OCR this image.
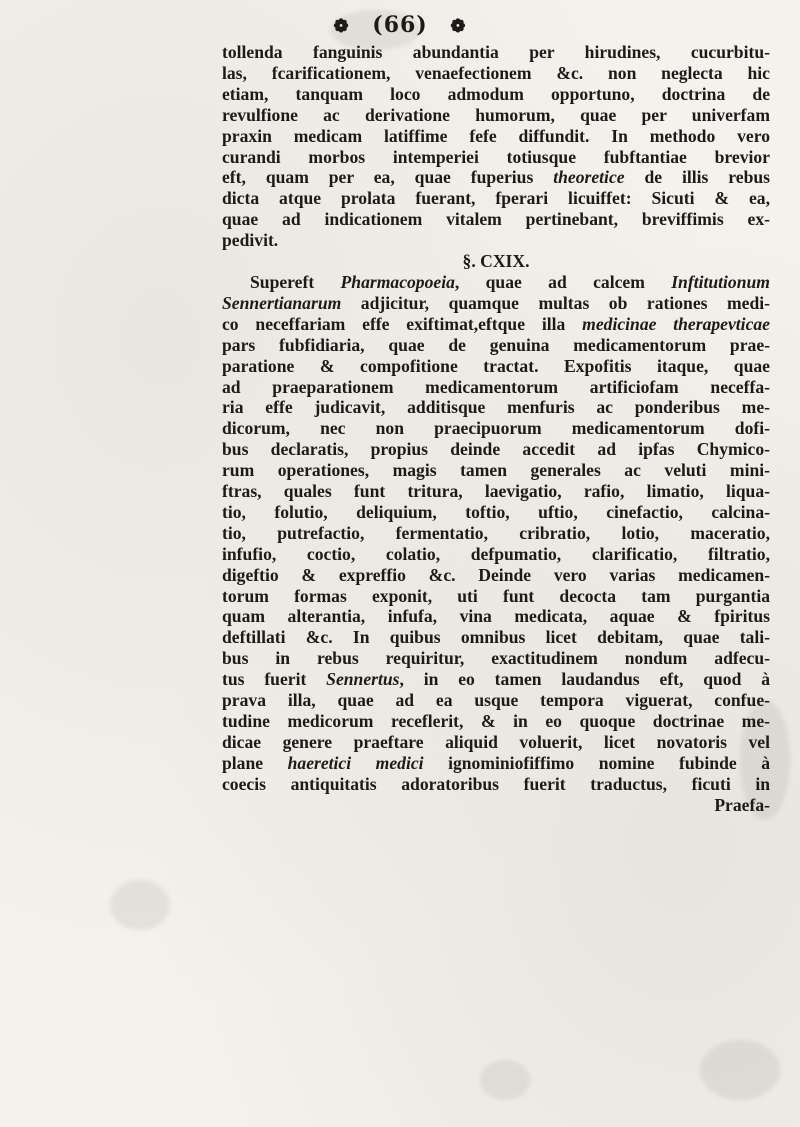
❁ (66) ❁
tollenda fanguinis abundantia per hirudines, cucurbitu-
las, fcarificationem, venaefectionem &c. non neglecta hic
etiam, tanquam loco admodum opportuno, doctrina de
revulfione ac derivatione humorum, quae per univerfam
praxin medicam latiffime fefe diffundit. In methodo vero
curandi morbos intemperiei totiusque fubftantiae brevior
eft, quam per ea, quae fuperius theoretice de illis rebus
dicta atque prolata fuerant, fperari licuiffet: Sicuti & ea,
quae ad indicationem vitalem pertinebant, breviffimis ex-
pedivit.
§. CXIX.
Supereft Pharmacopoeia, quae ad calcem Inftitutionum
Sennertianarum adjicitur, quamque multas ob rationes medi-
co neceffariam effe exiftimat,eftque illa medicinae therapevticae
pars fubfidiaria, quae de genuina medicamentorum prae-
paratione & compofitione tractat. Expofitis itaque, quae
ad praeparationem medicamentorum artificiofam neceffa-
ria effe judicavit, additisque menfuris ac ponderibus me-
dicorum, nec non praecipuorum medicamentorum dofi-
bus declaratis, propius deinde accedit ad ipfas Chymico-
rum operationes, magis tamen generales ac veluti mini-
ftras, quales funt tritura, laevigatio, rafio, limatio, liqua-
tio, folutio, deliquium, toftio, uftio, cinefactio, calcina-
tio, putrefactio, fermentatio, cribratio, lotio, maceratio,
infufio, coctio, colatio, defpumatio, clarificatio, filtratio,
digeftio & expreffio &c. Deinde vero varias medicamen-
torum formas exponit, uti funt decocta tam purgantia
quam alterantia, infufa, vina medicata, aquae & fpiritus
deftillati &c. In quibus omnibus licet debitam, quae tali-
bus in rebus requiritur, exactitudinem nondum adfecu-
tus fuerit Sennertus, in eo tamen laudandus eft, quod à
prava illa, quae ad ea usque tempora viguerat, confue-
tudine medicorum receflerit, & in eo quoque doctrinae me-
dicae genere praeftare aliquid voluerit, licet novatoris vel
plane haeretici medici ignominiofiffimo nomine fubinde à
coecis antiquitatis adoratoribus fuerit traductus, ficuti in
Praefa-
